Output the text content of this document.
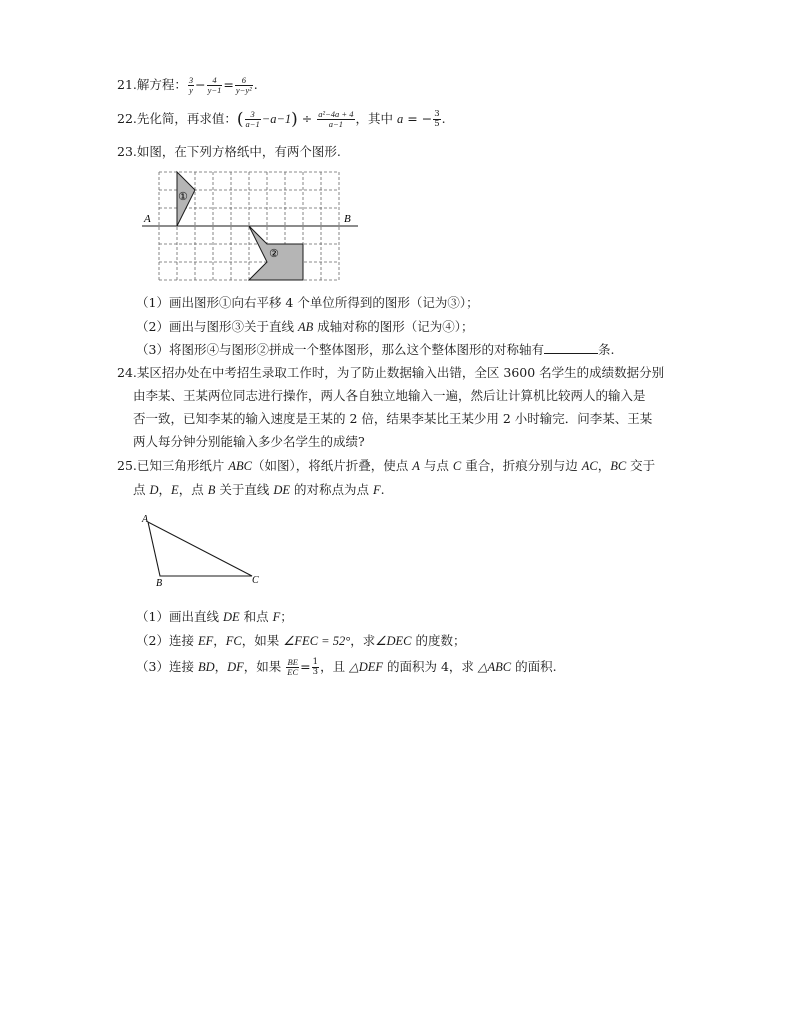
21.解方程： $\frac{3}{y} - \frac{4}{y-1} = \frac{6}{\text{y−y²}}$ .
22.先化简，再求值：( $\frac{3}{a-1} -a-1) \div \frac{\text{a²−4a + 4}}{a-1}$ ，其中 a = − $\frac{3}{5}$ .
23.如图，在下列方格纸中，有两个图形.
A	B
①
②
（1）画出图形①向右平移 4 个单位所得到的图形（记为③）；
（2）画出与图形③关于直线 AB 成轴对称的图形（记为④）；
（3）将图形④与图形②拼成一个整体图形，那么这个整体图形的对称轴有	条.
24.某区招办处在中考招生录取工作时，为了防止数据输入出错，全区 3600 名学生的成绩数据分别
由李某、王某两位同志进行操作，两人各自独立地输入一遍，然后让计算机比较两人的输入是
否一致，已知李某的输入速度是王某的 2 倍，结果李某比王某少用 2 小时输完．问李某、王某
两人每分钟分别能输入多少名学生的成绩?
25.已知三角形纸片 ABC（如图），将纸片折叠，使点 A 与点 C 重合，折痕分别与边 AC，BC 交于
点 D，E，点 B 关于直线 DE 的对称点为点 F.
A
B	C
（1）画出直线 DE 和点 F；
（2）连接 EF，FC，如果 ∠FEC = 52°，求∠DEC 的度数；
（3）连接 BD，DF，如果 $\frac{BE}{EC} = \frac{1}{3}$ ，且 △DEF 的面积为 4，求 △ABC 的面积.
